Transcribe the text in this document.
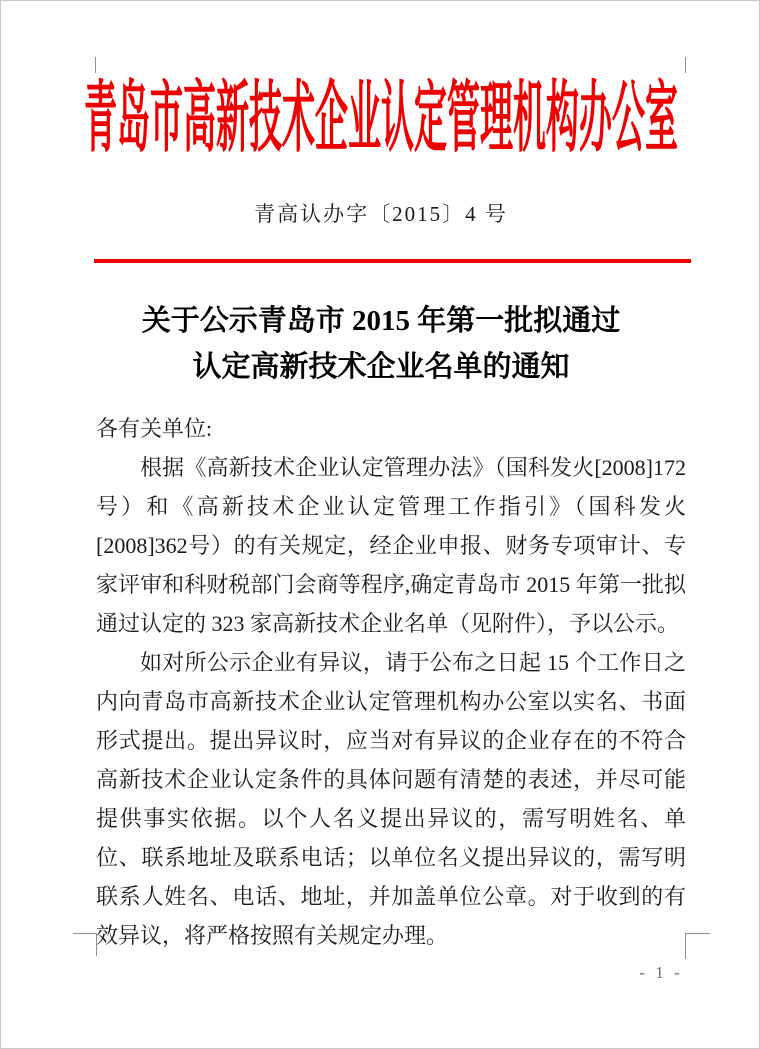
青岛市高新技术企业认定管理机构办公室
青高认办字〔2015〕4 号
关于公示青岛市 2015 年第一批拟通过
认定高新技术企业名单的通知

各有关单位:

根据《高新技术企业认定管理办法》（国科发火[2008]172号）和《高新技术企业认定管理工作指引》（国科发火[2008]362号）的有关规定，经企业申报、财务专项审计、专家评审和科财税部门会商等程序,确定青岛市 2015 年第一批拟通过认定的 323 家高新技术企业名单（见附件），予以公示。

如对所公示企业有异议，请于公布之日起 15 个工作日之内向青岛市高新技术企业认定管理机构办公室以实名、书面形式提出。提出异议时，应当对有异议的企业存在的不符合高新技术企业认定条件的具体问题有清楚的表述，并尽可能提供事实依据。以个人名义提出异议的，需写明姓名、单位、联系地址及联系电话；以单位名义提出异议的，需写明联系人姓名、电话、地址，并加盖单位公章。对于收到的有效异议，将严格按照有关规定办理。

- 1 -
